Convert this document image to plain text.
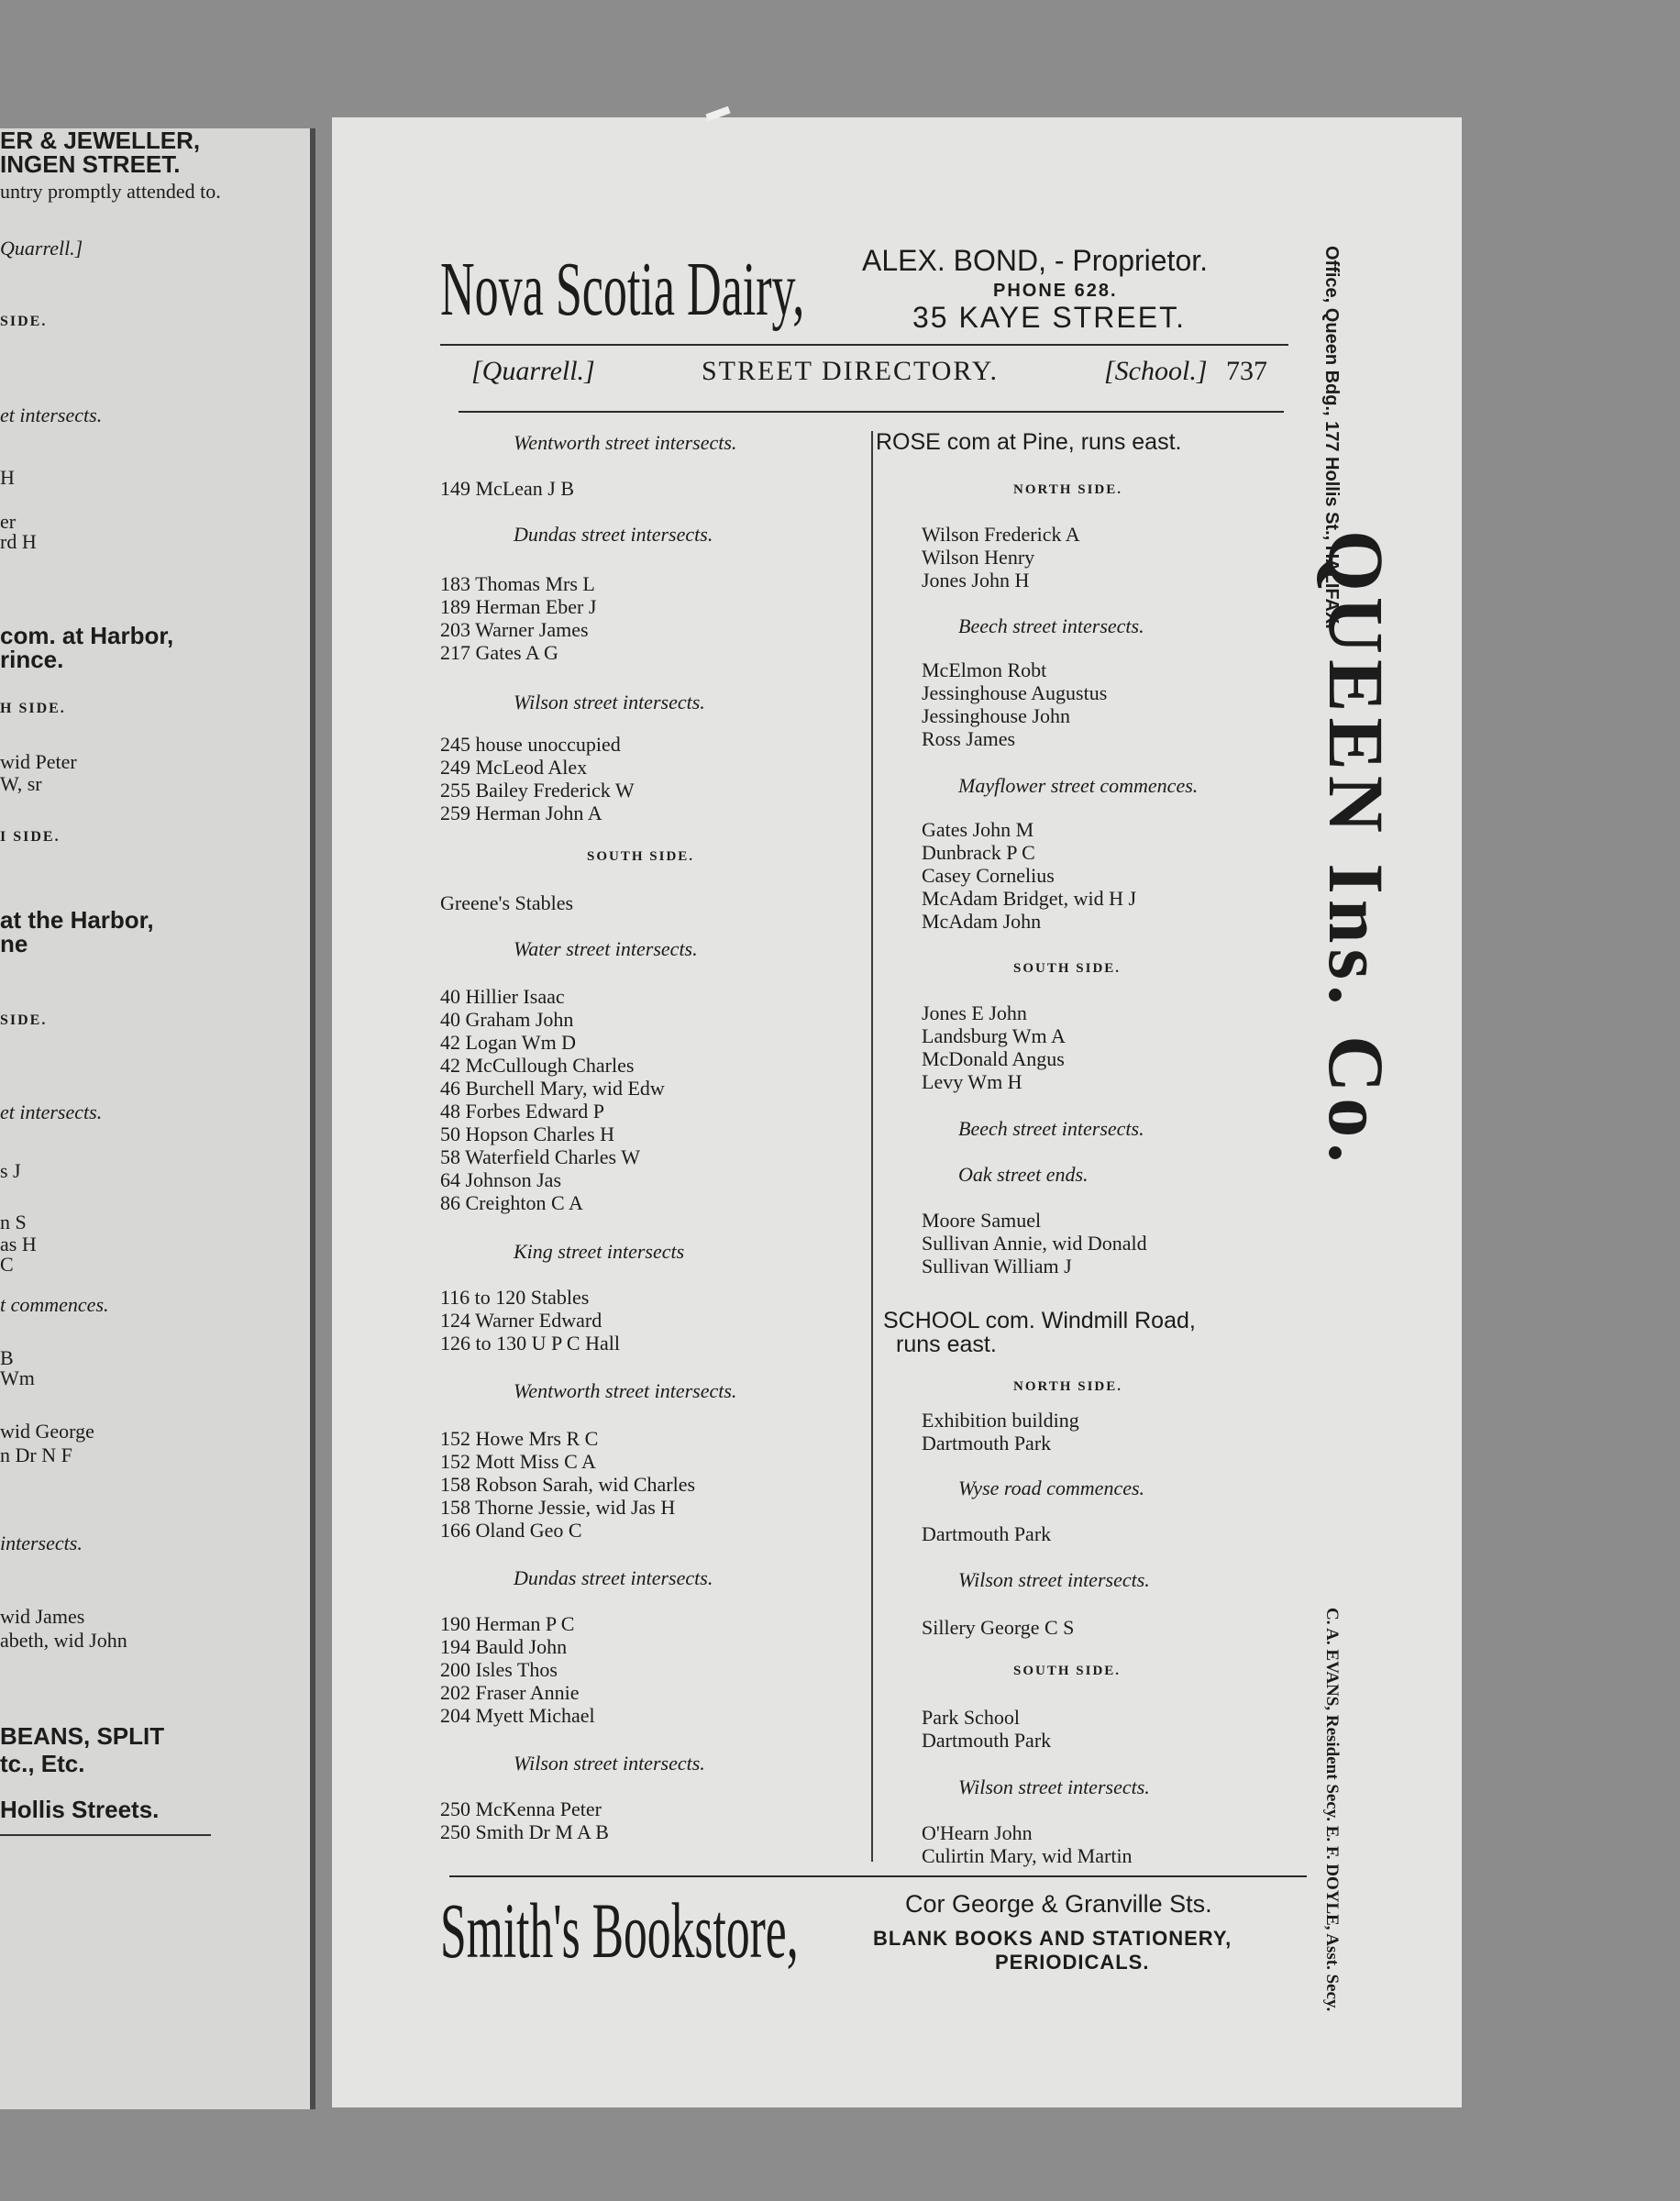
ER & JEWELLER,
INGEN STREET.
untry promptly attended to.
Quarrell.]
SIDE.
et intersects.
H
er
rd H
com. at Harbor,
rince.
H SIDE.
wid Peter
W, sr
I SIDE.
at the Harbor,
ne
SIDE.
et intersects.
s J
n S
as H
C
t commences.
B
Wm
wid George
n Dr N F
intersects.
wid James
abeth, wid John
BEANS, SPLIT
tc., Etc.
Hollis Streets.
Nova Scotia Dairy, ALEX. BOND, - Proprietor.
PHONE 628.
35 KAYE STREET.
[Quarrell.]	STREET DIRECTORY.	[School.] 737
Wentworth street intersects.
149 McLean J B
Dundas street intersects.
183 Thomas Mrs L
189 Herman Eber J
203 Warner James
217 Gates A G
Wilson street intersects.
245 house unoccupied
249 McLeod Alex
255 Bailey Frederick W
259 Herman John A
SOUTH SIDE.
Greene's Stables
Water street intersects.
40 Hillier Isaac
40 Graham John
42 Logan Wm D
42 McCullough Charles
46 Burchell Mary, wid Edw
48 Forbes Edward P
50 Hopson Charles H
58 Waterfield Charles W
64 Johnson Jas
86 Creighton C A
King street intersects
116 to 120 Stables
124 Warner Edward
126 to 130 U P C Hall
Wentworth street intersects.
152 Howe Mrs R C
152 Mott Miss C A
158 Robson Sarah, wid Charles
158 Thorne Jessie, wid Jas H
166 Oland Geo C
Dundas street intersects.
190 Herman P C
194 Bauld John
200 Isles Thos
202 Fraser Annie
204 Myett Michael
Wilson street intersects.
250 McKenna Peter
250 Smith Dr M A B
ROSE com at Pine, runs east.
NORTH SIDE.
Wilson Frederick A
Wilson Henry
Jones John H
Beech street intersects.
McElmon Robt
Jessinghouse Augustus
Jessinghouse John
Ross James
Mayflower street commences.
Gates John M
Dunbrack P C
Casey Cornelius
McAdam Bridget, wid H J
McAdam John
SOUTH SIDE.
Jones E John
Landsburg Wm A
McDonald Angus
Levy Wm H
Beech street intersects.
Oak street ends.
Moore Samuel
Sullivan Annie, wid Donald
Sullivan William J
SCHOOL com. Windmill Road,
runs east.
NORTH SIDE.
Exhibition building
Dartmouth Park
Wyse road commences.
Dartmouth Park
Wilson street intersects.
Sillery George C S
SOUTH SIDE.
Park School
Dartmouth Park
Wilson street intersects.
O'Hearn John
Culirtin Mary, wid Martin
Office, Queen Bdg., 177 Hollis St., HALIFAX.
QUEEN Ins. Co.
C. A. EVANS, Resident Secy. E. F. DOYLE, Asst. Secy.
Smith's Bookstore,	Cor George & Granville Sts.
BLANK BOOKS AND STATIONERY,
PERIODICALS.
